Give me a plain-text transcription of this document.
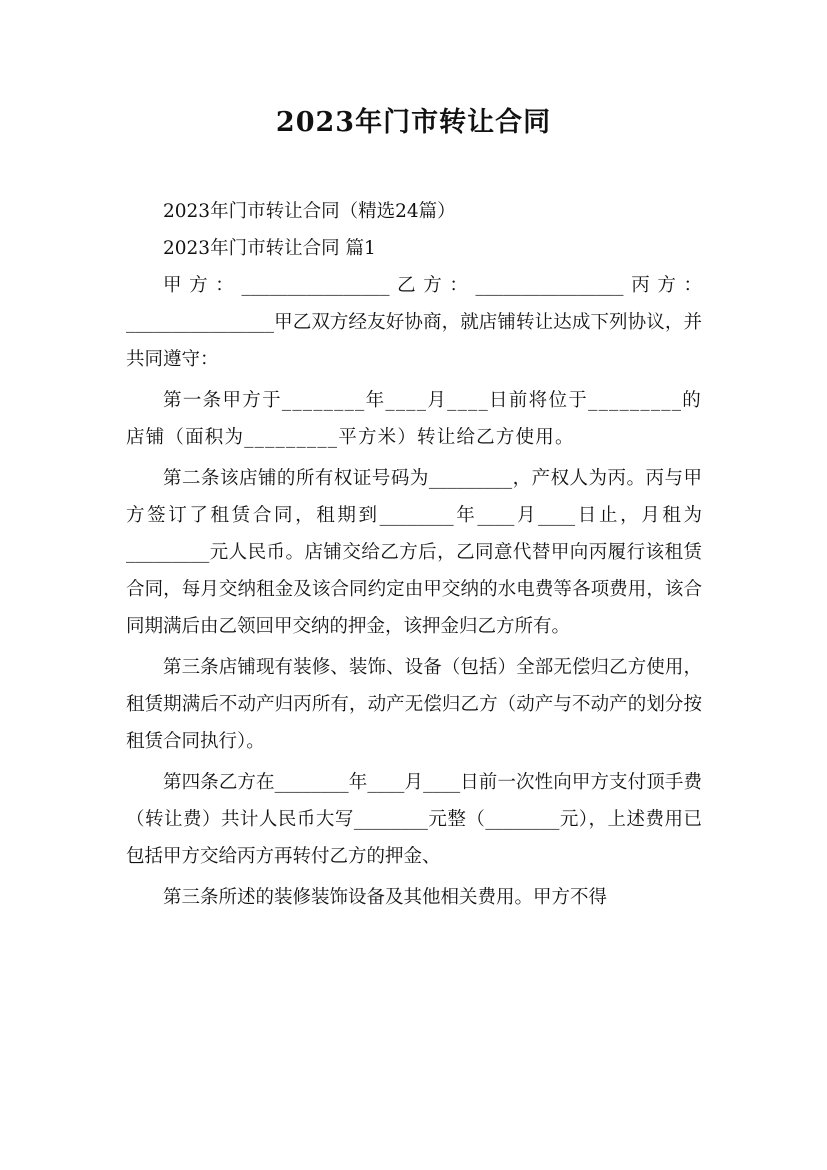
2023年门市转让合同

2023年门市转让合同（精选24篇）

2023年门市转让合同 篇1

甲方：________________乙方：________________丙方：________________甲乙双方经友好协商，就店铺转让达成下列协议，并共同遵守：

第一条甲方于________年____月____日前将位于_________的店铺（面积为_________平方米）转让给乙方使用。

第二条该店铺的所有权证号码为_________，产权人为丙。丙与甲方签订了租赁合同，租期到________年____月____日止，月租为_________元人民币。店铺交给乙方后，乙同意代替甲向丙履行该租赁合同，每月交纳租金及该合同约定由甲交纳的水电费等各项费用，该合同期满后由乙领回甲交纳的押金，该押金归乙方所有。

第三条店铺现有装修、装饰、设备（包括）全部无偿归乙方使用，租赁期满后不动产归丙所有，动产无偿归乙方（动产与不动产的划分按租赁合同执行）。

第四条乙方在________年____月____日前一次性向甲方支付顶手费（转让费）共计人民币大写________元整（________元），上述费用已包括甲方交给丙方再转付乙方的押金、

第三条所述的装修装饰设备及其他相关费用。甲方不得
